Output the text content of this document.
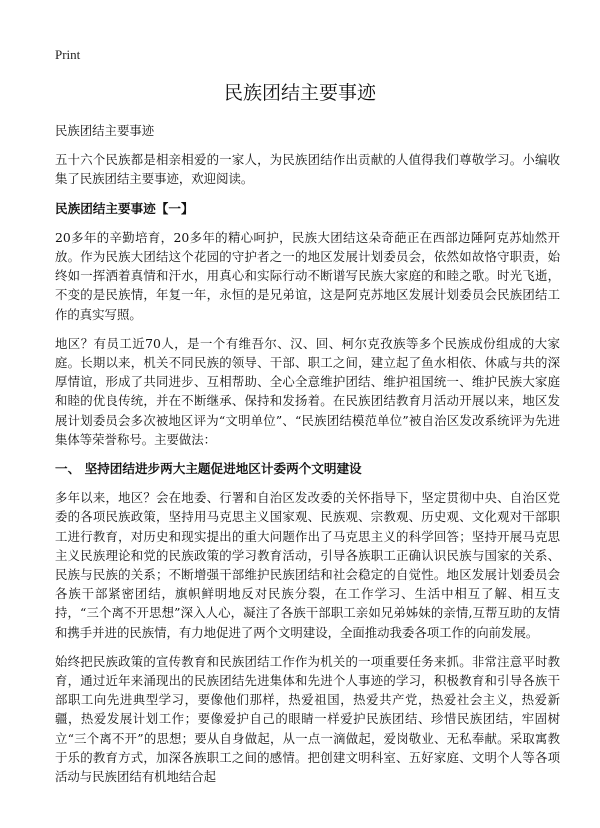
Print
民族团结主要事迹

民族团结主要事迹

五十六个民族都是相亲相爱的一家人，为民族团结作出贡献的人值得我们尊敬学习。小编收集了民族团结主要事迹，欢迎阅读。

民族团结主要事迹【一】

20多年的辛勤培育，20多年的精心呵护，民族大团结这朵奇葩正在西部边陲阿克苏灿然开放。作为民族大团结这个花园的守护者之一的地区发展计划委员会，依然如故恪守职责，始终如一挥洒着真情和汗水，用真心和实际行动不断谱写民族大家庭的和睦之歌。时光飞逝，不变的是民族情，年复一年，永恒的是兄弟谊，这是阿克苏地区发展计划委员会民族团结工作的真实写照。

地区？有员工近70人，是一个有维吾尔、汉、回、柯尔克孜族等多个民族成份组成的大家庭。长期以来，机关不同民族的领导、干部、职工之间，建立起了鱼水相依、休戚与共的深厚情谊，形成了共同进步、互相帮助、全心全意维护团结、维护祖国统一、维护民族大家庭和睦的优良传统，并在不断继承、保持和发扬着。在民族团结教育月活动开展以来，地区发展计划委员会多次被地区评为“文明单位”、“民族团结模范单位”被自治区发改系统评为先进集体等荣誉称号。主要做法：

一、 坚持团结进步两大主题促进地区计委两个文明建设

多年以来，地区？会在地委、行署和自治区发改委的关怀指导下，坚定贯彻中央、自治区党委的各项民族政策，坚持用马克思主义国家观、民族观、宗教观、历史观、文化观对干部职工进行教育，对历史和现实提出的重大问题作出了马克思主义的科学回答；坚持开展马克思主义民族理论和党的民族政策的学习教育活动，引导各族职工正确认识民族与国家的关系、民族与民族的关系；不断增强干部维护民族团结和社会稳定的自觉性。地区发展计划委员会各族干部紧密团结，旗帜鲜明地反对民族分裂，在工作学习、生活中相互了解、相互支持，“三个离不开思想”深入人心，凝注了各族干部职工亲如兄弟姊妹的亲情,互帮互助的友情和携手并进的民族情，有力地促进了两个文明建设，全面推动我委各项工作的向前发展。

始终把民族政策的宣传教育和民族团结工作作为机关的一项重要任务来抓。非常注意平时教育，通过近年来涌现出的民族团结先进集体和先进个人事迹的学习，积极教育和引导各族干部职工向先进典型学习，要像他们那样，热爱祖国，热爱共产党，热爱社会主义，热爱新疆，热爱发展计划工作；要像爱护自己的眼睛一样爱护民族团结、珍惜民族团结，牢固树立“三个离不开”的思想；要从自身做起，从一点一滴做起，爱岗敬业、无私奉献。采取寓教于乐的教育方式，加深各族职工之间的感情。把创建文明科室、五好家庭、文明个人等各项活动与民族团结有机地结合起
